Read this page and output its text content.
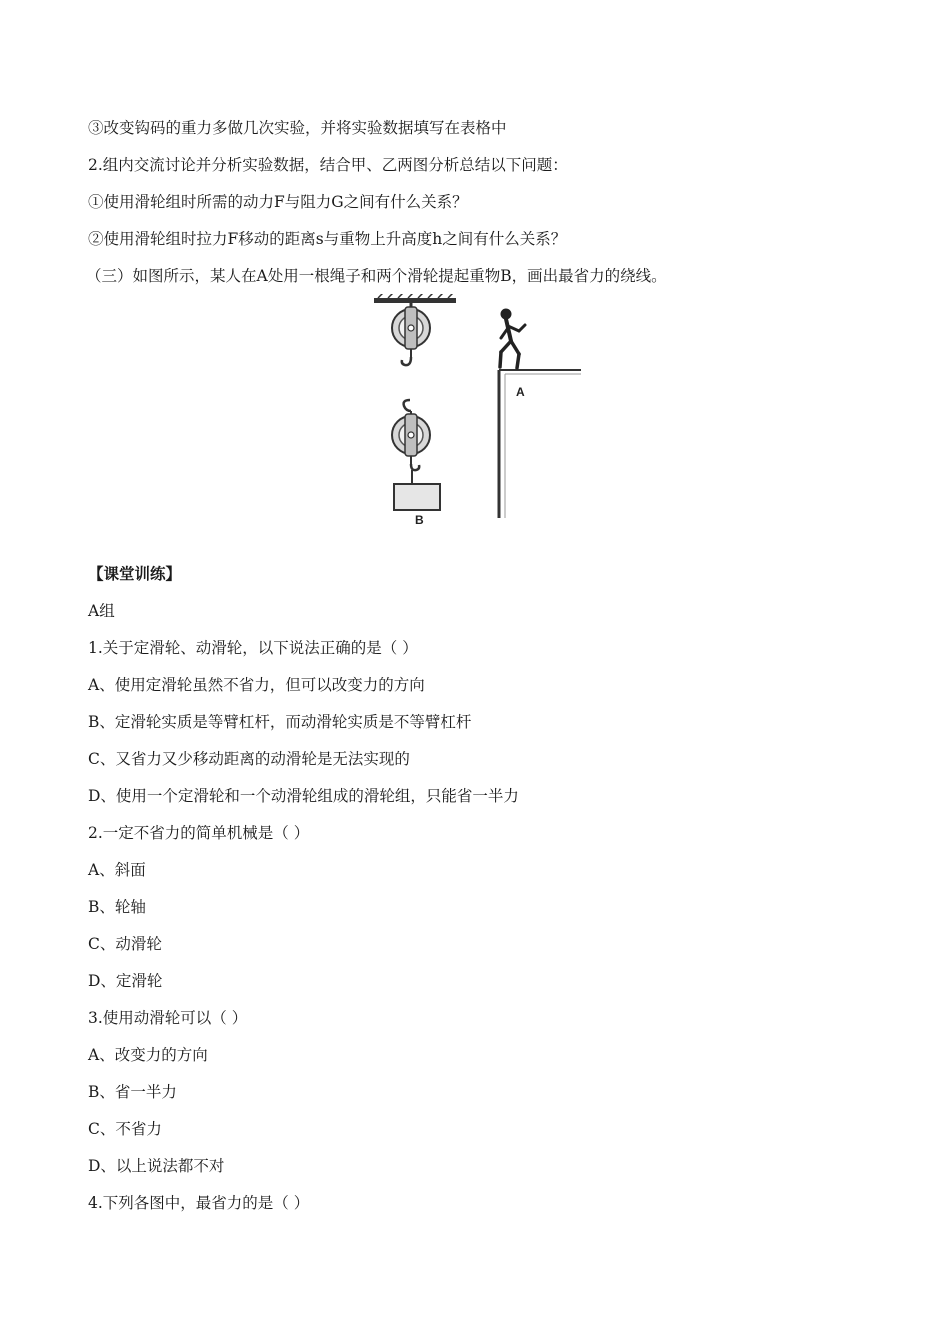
③改变钩码的重力多做几次实验，并将实验数据填写在表格中
2.组内交流讨论并分析实验数据，结合甲、乙两图分析总结以下问题：
①使用滑轮组时所需的动力F与阻力G之间有什么关系？
②使用滑轮组时拉力F移动的距离s与重物上升高度h之间有什么关系？
（三）如图所示，某人在A处用一根绳子和两个滑轮提起重物B，画出最省力的绕线。
B
A
【课堂训练】
A组
1.关于定滑轮、动滑轮，以下说法正确的是（ ）
A、使用定滑轮虽然不省力，但可以改变力的方向
B、定滑轮实质是等臂杠杆，而动滑轮实质是不等臂杠杆
C、又省力又少移动距离的动滑轮是无法实现的
D、使用一个定滑轮和一个动滑轮组成的滑轮组，只能省一半力
2.一定不省力的简单机械是（ ）
A、斜面
B、轮轴
C、动滑轮
D、定滑轮
3.使用动滑轮可以（ ）
A、改变力的方向
B、省一半力
C、不省力
D、以上说法都不对
4.下列各图中，最省力的是（ ）
